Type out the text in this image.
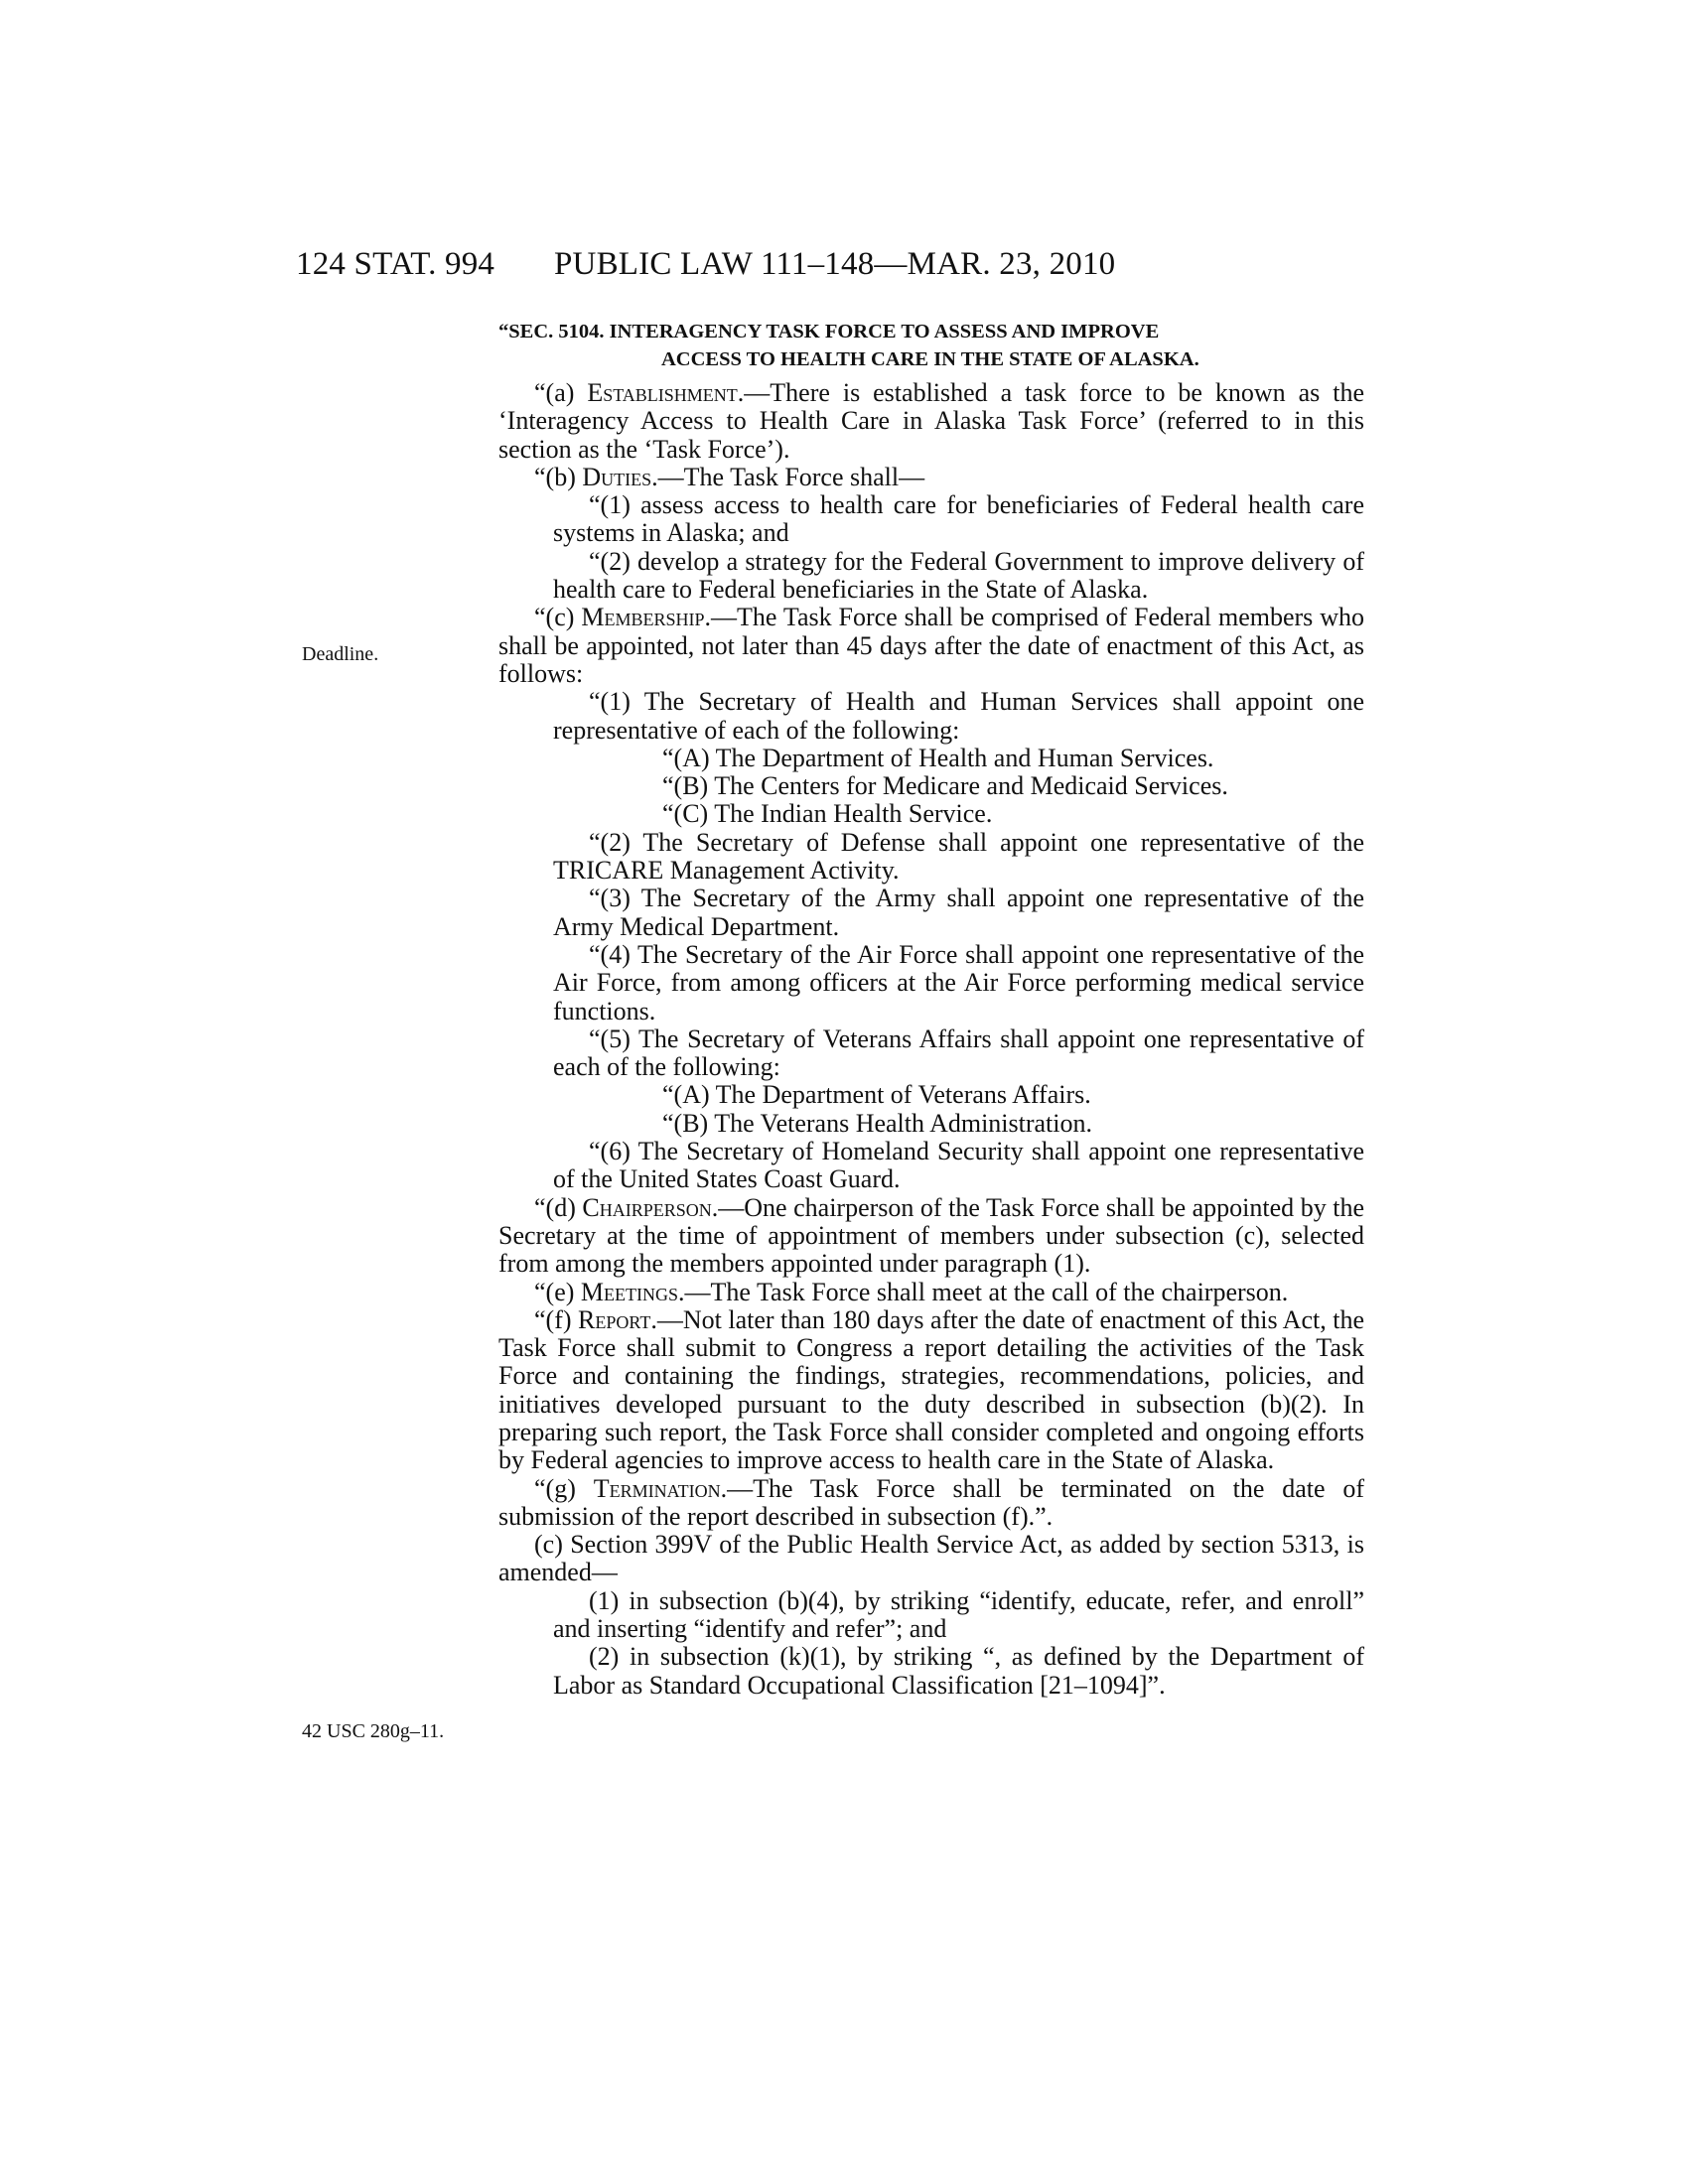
124 STAT. 994 PUBLIC LAW 111–148—MAR. 23, 2010
Deadline.
42 USC 280g–11.
“SEC. 5104. INTERAGENCY TASK FORCE TO ASSESS AND IMPROVE
ACCESS TO HEALTH CARE IN THE STATE OF ALASKA.

“(a) Establishment.—There is established a task force to be known as the ‘Interagency Access to Health Care in Alaska Task Force’ (referred to in this section as the ‘Task Force’).

“(b) Duties.—The Task Force shall—

“(1) assess access to health care for beneficiaries of Federal health care systems in Alaska; and

“(2) develop a strategy for the Federal Government to improve delivery of health care to Federal beneficiaries in the State of Alaska.

“(c) Membership.—The Task Force shall be comprised of Federal members who shall be appointed, not later than 45 days after the date of enactment of this Act, as follows:

“(1) The Secretary of Health and Human Services shall appoint one representative of each of the following:

“(A) The Department of Health and Human Services.

“(B) The Centers for Medicare and Medicaid Services.

“(C) The Indian Health Service.

“(2) The Secretary of Defense shall appoint one representative of the TRICARE Management Activity.

“(3) The Secretary of the Army shall appoint one representative of the Army Medical Department.

“(4) The Secretary of the Air Force shall appoint one representative of the Air Force, from among officers at the Air Force performing medical service functions.

“(5) The Secretary of Veterans Affairs shall appoint one representative of each of the following:

“(A) The Department of Veterans Affairs.

“(B) The Veterans Health Administration.

“(6) The Secretary of Homeland Security shall appoint one representative of the United States Coast Guard.

“(d) Chairperson.—One chairperson of the Task Force shall be appointed by the Secretary at the time of appointment of members under subsection (c), selected from among the members appointed under paragraph (1).

“(e) Meetings.—The Task Force shall meet at the call of the chairperson.

“(f) Report.—Not later than 180 days after the date of enactment of this Act, the Task Force shall submit to Congress a report detailing the activities of the Task Force and containing the findings, strategies, recommendations, policies, and initiatives developed pursuant to the duty described in subsection (b)(2). In preparing such report, the Task Force shall consider completed and ongoing efforts by Federal agencies to improve access to health care in the State of Alaska.

“(g) Termination.—The Task Force shall be terminated on the date of submission of the report described in subsection (f).”.

(c) Section 399V of the Public Health Service Act, as added by section 5313, is amended—

(1) in subsection (b)(4), by striking “identify, educate, refer, and enroll” and inserting “identify and refer”; and

(2) in subsection (k)(1), by striking “, as defined by the Department of Labor as Standard Occupational Classification [21–1094]”.
